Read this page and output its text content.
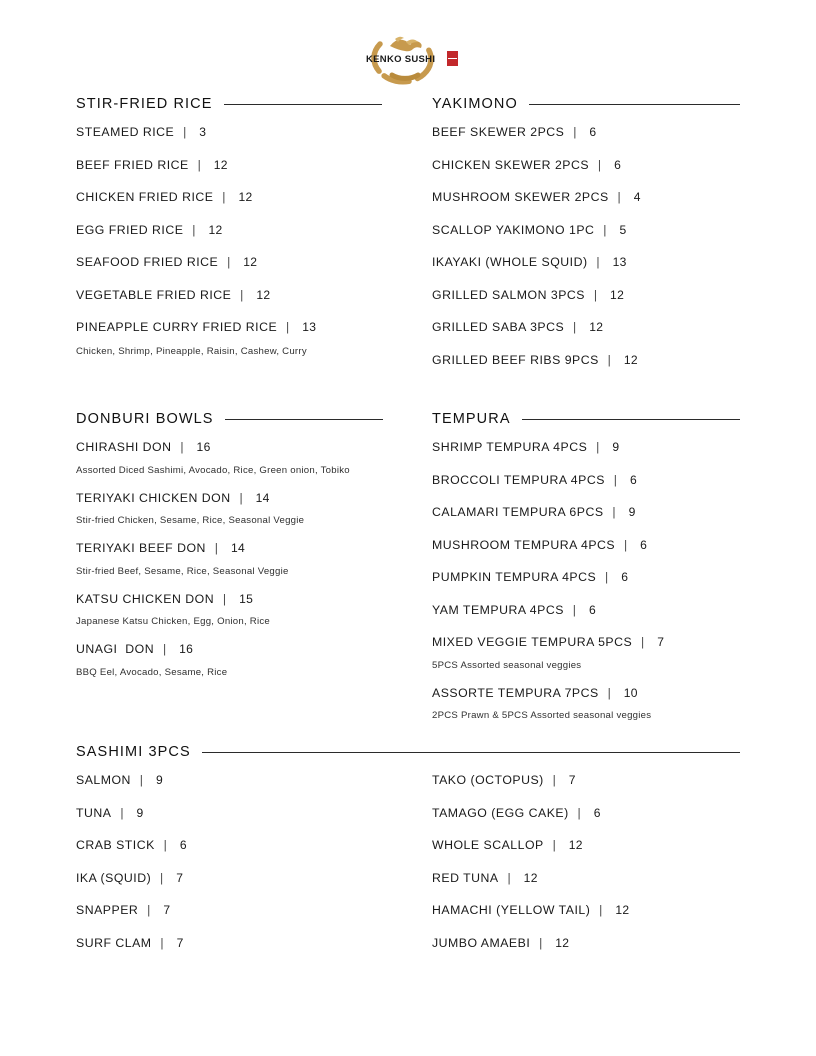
KENKO SUSHI
STIR-FRIED RICE
STEAMED RICE | 3
BEEF FRIED RICE | 12
CHICKEN FRIED RICE | 12
EGG FRIED RICE | 12
SEAFOOD FRIED RICE | 12
VEGETABLE FRIED RICE | 12
PINEAPPLE CURRY FRIED RICE | 13
Chicken, Shrimp, Pineapple, Raisin, Cashew, Curry
YAKIMONO
BEEF SKEWER 2PCS | 6
CHICKEN SKEWER 2PCS | 6
MUSHROOM SKEWER 2PCS | 4
SCALLOP YAKIMONO 1PC | 5
IKAYAKI (WHOLE SQUID) | 13
GRILLED SALMON 3PCS | 12
GRILLED SABA 3PCS | 12
GRILLED BEEF RIBS 9PCS | 12
DONBURI BOWLS
CHIRASHI DON | 16
Assorted Diced Sashimi, Avocado, Rice, Green onion, Tobiko
TERIYAKI CHICKEN DON | 14
Stir-fried Chicken, Sesame, Rice, Seasonal Veggie
TERIYAKI BEEF DON | 14
Stir-fried Beef, Sesame, Rice, Seasonal Veggie
KATSU CHICKEN DON | 15
Japanese Katsu Chicken, Egg, Onion, Rice
UNAGI  DON | 16
BBQ Eel, Avocado, Sesame, Rice
TEMPURA
SHRIMP TEMPURA 4PCS | 9
BROCCOLI TEMPURA 4PCS | 6
CALAMARI TEMPURA 6PCS | 9
MUSHROOM TEMPURA 4PCS | 6
PUMPKIN TEMPURA 4PCS | 6
YAM TEMPURA 4PCS | 6
MIXED VEGGIE TEMPURA 5PCS | 7
5PCS Assorted seasonal veggies
ASSORTE TEMPURA 7PCS | 10
2PCS Prawn & 5PCS Assorted seasonal veggies
SASHIMI 3PCS
SALMON | 9
TUNA | 9
CRAB STICK | 6
IKA (SQUID) | 7
SNAPPER | 7
SURF CLAM | 7
TAKO (OCTOPUS) | 7
TAMAGO (EGG CAKE) | 6
WHOLE SCALLOP | 12
RED TUNA | 12
HAMACHI (YELLOW TAIL) | 12
JUMBO AMAEBI | 12
